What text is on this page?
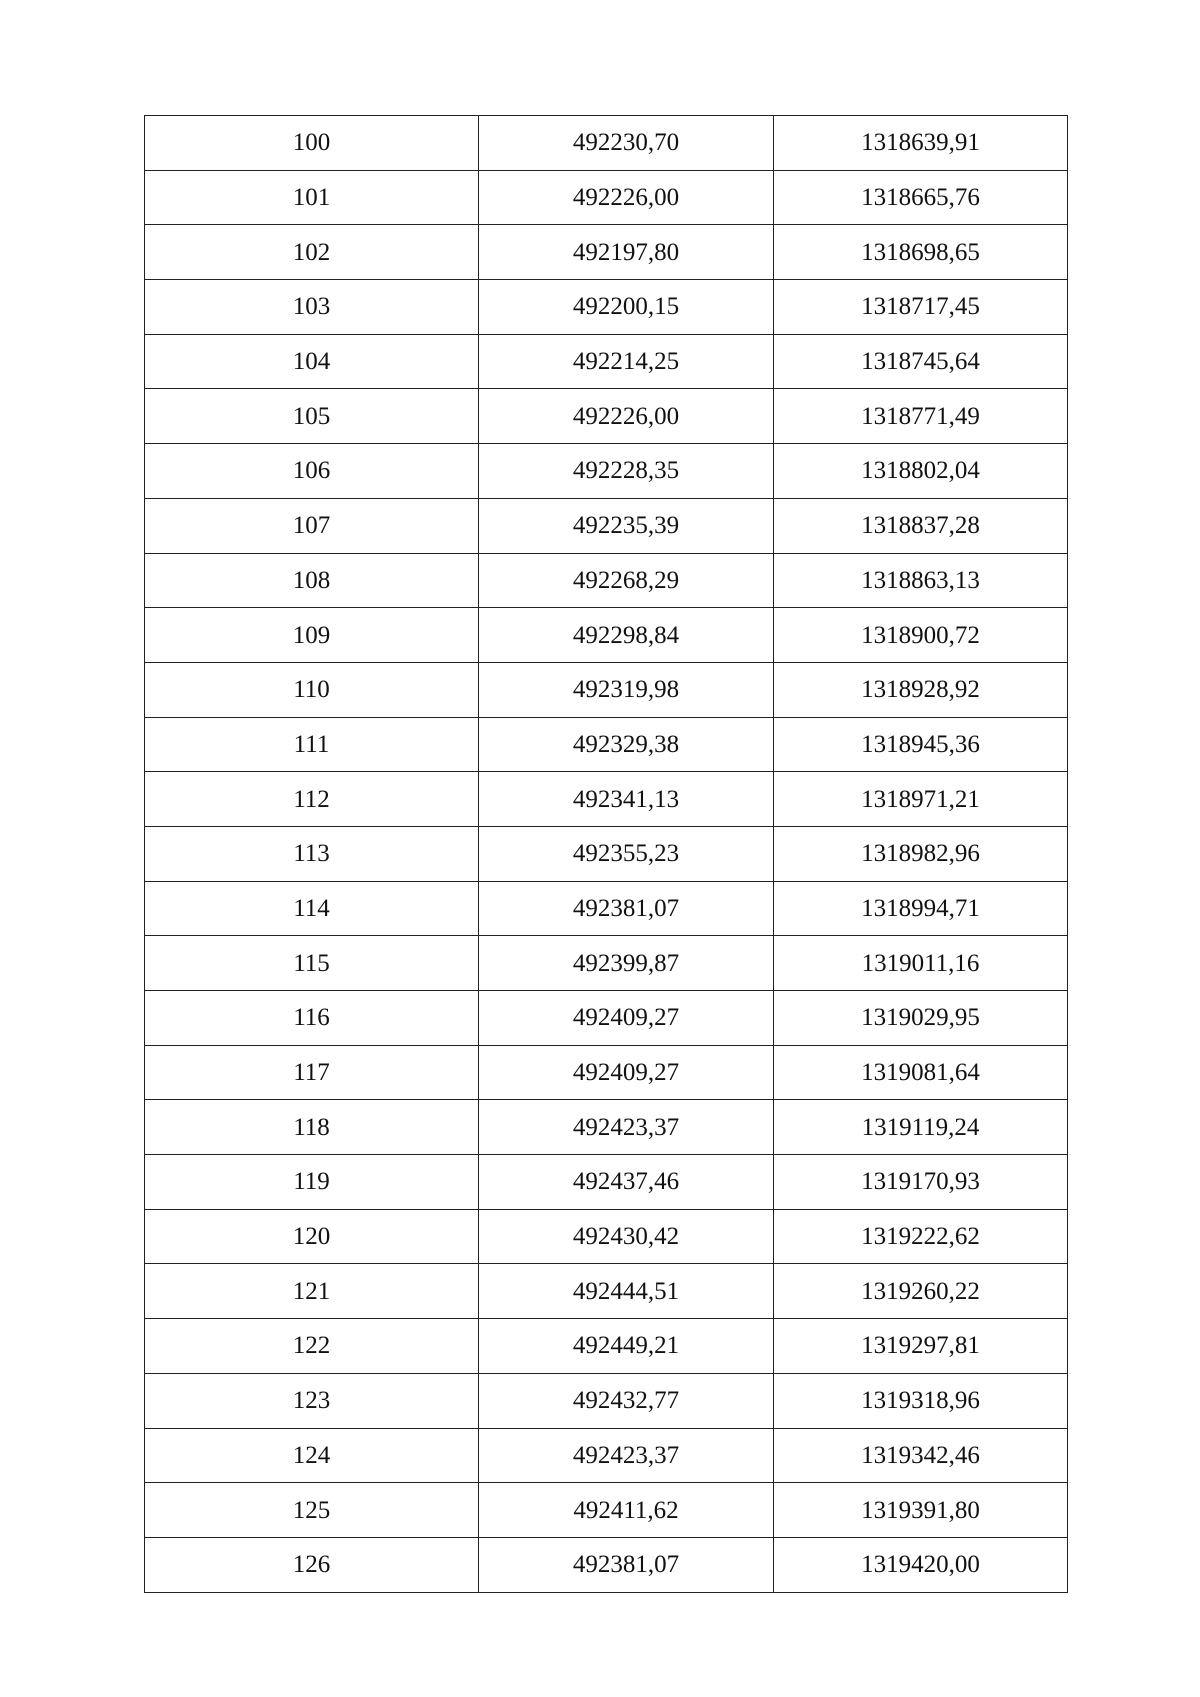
100	492230,70	1318639,91
101	492226,00	1318665,76
102	492197,80	1318698,65
103	492200,15	1318717,45
104	492214,25	1318745,64
105	492226,00	1318771,49
106	492228,35	1318802,04
107	492235,39	1318837,28
108	492268,29	1318863,13
109	492298,84	1318900,72
110	492319,98	1318928,92
111	492329,38	1318945,36
112	492341,13	1318971,21
113	492355,23	1318982,96
114	492381,07	1318994,71
115	492399,87	1319011,16
116	492409,27	1319029,95
117	492409,27	1319081,64
118	492423,37	1319119,24
119	492437,46	1319170,93
120	492430,42	1319222,62
121	492444,51	1319260,22
122	492449,21	1319297,81
123	492432,77	1319318,96
124	492423,37	1319342,46
125	492411,62	1319391,80
126	492381,07	1319420,00
